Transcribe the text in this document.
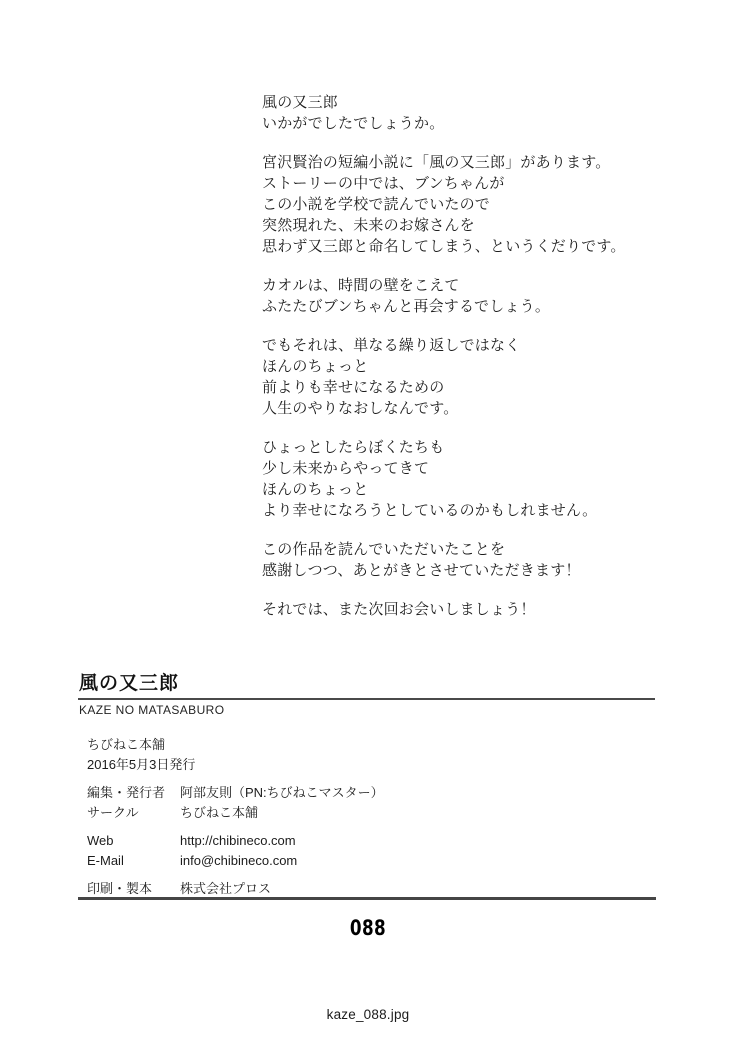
風の又三郎
いかがでしたでしょうか。

宮沢賢治の短編小説に「風の又三郎」があります。
ストーリーの中では、ブンちゃんが
この小説を学校で読んでいたので
突然現れた、未来のお嫁さんを
思わず又三郎と命名してしまう、というくだりです。

カオルは、時間の壁をこえて
ふたたびブンちゃんと再会するでしょう。

でもそれは、単なる繰り返しではなく
ほんのちょっと
前よりも幸せになるための
人生のやりなおしなんです。

ひょっとしたらぼくたちも
少し未来からやってきて
ほんのちょっと
より幸せになろうとしているのかもしれません。

この作品を読んでいただいたことを
感謝しつつ、あとがきとさせていただきます！

それでは、また次回お会いしましょう！

風の又三郎
KAZE NO MATASABURO
ちびねこ本舗
2016年5月3日発行
編集・発行者	阿部友則（PN:ちびねこマスター）
サークル	ちびねこ本舗
Web	http://chibineco.com
E-Mail	info@chibineco.com
印刷・製本	株式会社プロス
088
kaze_088.jpg
